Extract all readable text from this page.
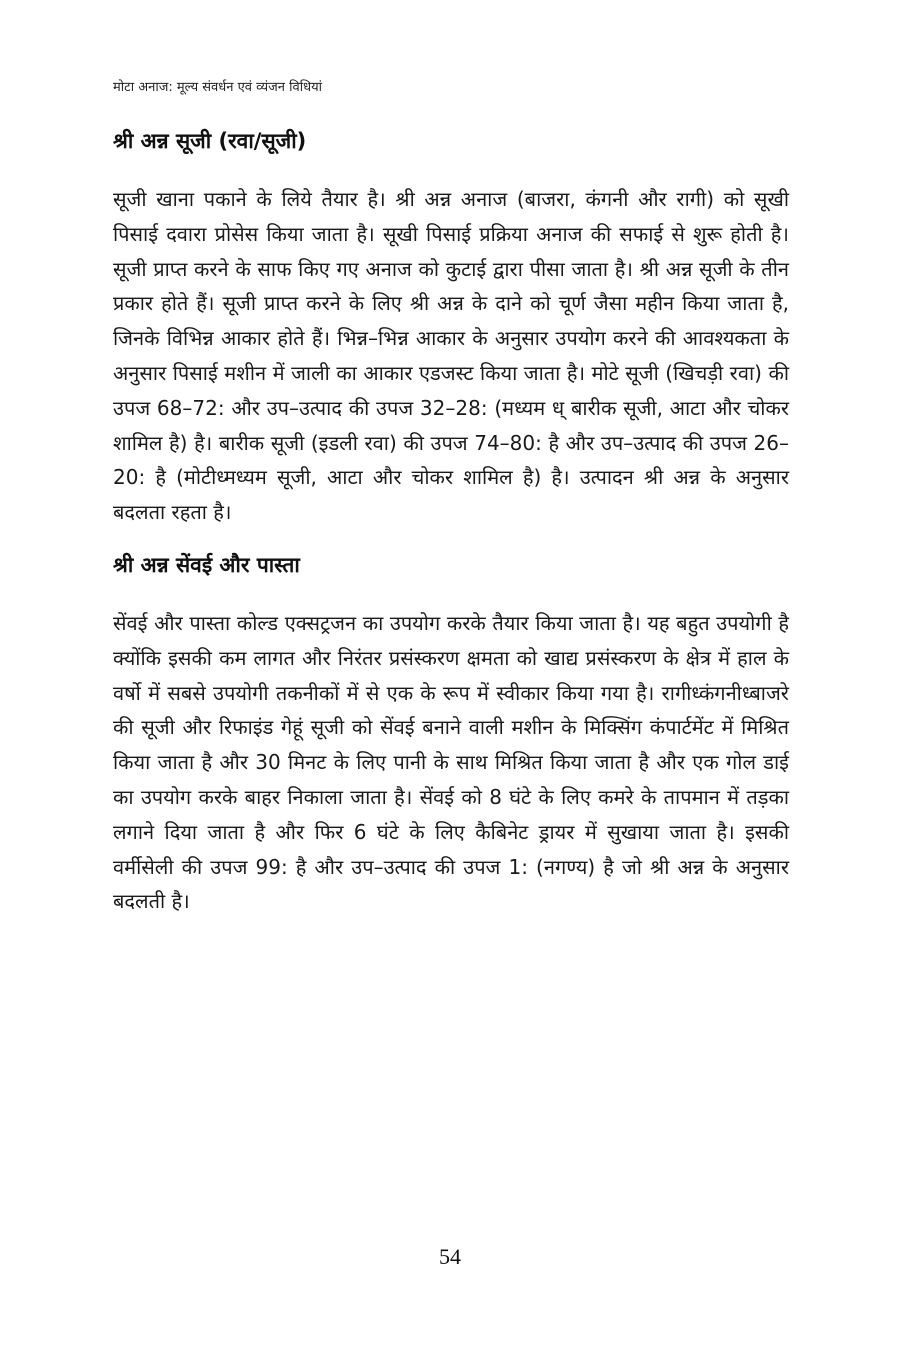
मोटा अनाज: मूल्य संवर्धन एवं व्यंजन विधियां
श्री अन्न सूजी (रवा/सूजी)

सूजी खाना पकाने के लिये तैयार है। श्री अन्न अनाज (बाजरा, कंगनी और रागी) को सूखी पिसाई दवारा प्रोसेस किया जाता है। सूखी पिसाई प्रक्रिया अनाज की सफाई से शुरू होती है। सूजी प्राप्त करने के साफ किए गए अनाज को कुटाई द्वारा पीसा जाता है। श्री अन्न सूजी के तीन प्रकार होते हैं। सूजी प्राप्त करने के लिए श्री अन्न के दाने को चूर्ण जैसा महीन किया जाता है, जिनके विभिन्न आकार होते हैं। भिन्न–भिन्न आकार के अनुसार उपयोग करने की आवश्यकता के अनुसार पिसाई मशीन में जाली का आकार एडजस्ट किया जाता है। मोटे सूजी (खिचड़ी रवा) की उपज 68–72: और उप–उत्पाद की उपज 32–28: (मध्यम ध् बारीक सूजी, आटा और चोकर शामिल है) है। बारीक सूजी (इडली रवा) की उपज 74–80: है और उप–उत्पाद की उपज 26– 20: है (मोटीध्मध्यम सूजी, आटा और चोकर शामिल है) है। उत्पादन श्री अन्न के अनुसार बदलता रहता है।

श्री अन्न सेंवई और पास्ता

सेंवई और पास्ता कोल्ड एक्सट्रजन का उपयोग करके तैयार किया जाता है। यह बहुत उपयोगी है क्योंकि इसकी कम लागत और निरंतर प्रसंस्करण क्षमता को खाद्य प्रसंस्करण के क्षेत्र में हाल के वर्षो में सबसे उपयोगी तकनीकों में से एक के रूप में स्वीकार किया गया है। रागीध्कंगनीध्बाजरे की सूजी और रिफाइंड गेहूं सूजी को सेंवई बनाने वाली मशीन के मिक्सिंग कंपार्टमेंट में मिश्रित किया जाता है और 30 मिनट के लिए पानी के साथ मिश्रित किया जाता है और एक गोल डाई का उपयोग करके बाहर निकाला जाता है। सेंवई को 8 घंटे के लिए कमरे के तापमान में तड़का लगाने दिया जाता है और फिर 6 घंटे के लिए कैबिनेट ड्रायर में सुखाया जाता है। इसकी वर्मीसेली की उपज 99: है और उप–उत्पाद की उपज 1: (नगण्य) है जो श्री अन्न के अनुसार बदलती है।

54
